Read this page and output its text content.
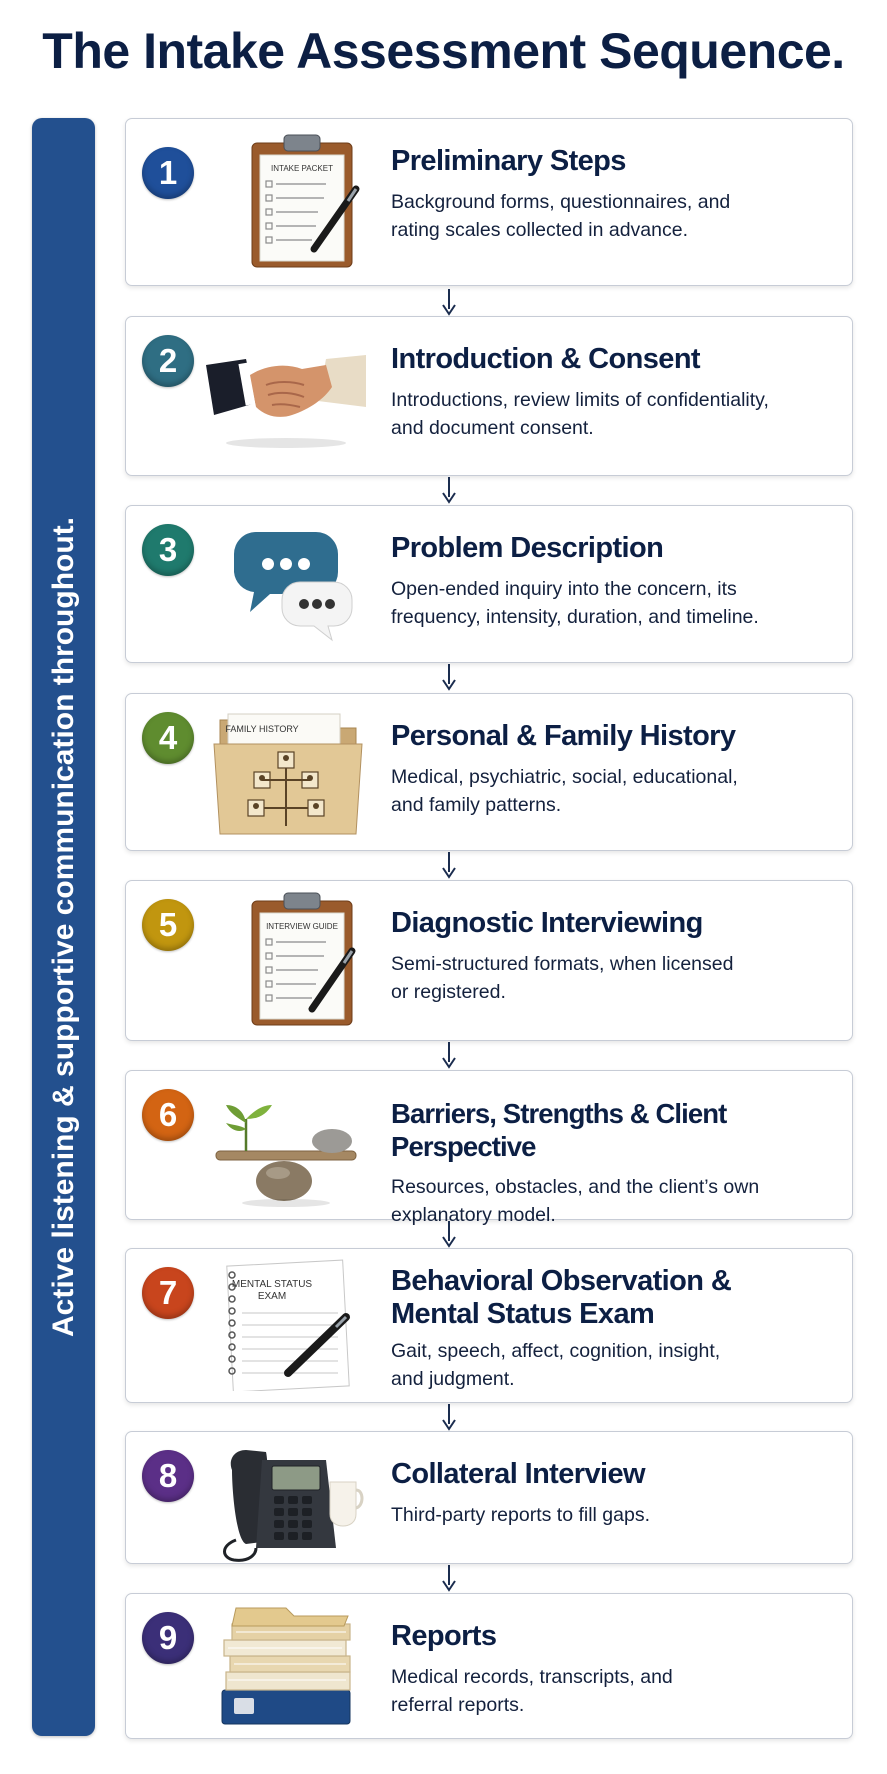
The Intake Assessment Sequence.
Active listening & supportive communication throughout.
1	INTAKE PACKET Preliminary Steps
Background forms, questionnaires, and
rating scales collected in advance.
2	Introduction & Consent
Introductions, review limits of confidentiality,
and document consent.
3	Problem Description
Open-ended inquiry into the concern, its
frequency, intensity, duration, and timeline.
4	FAMILY HISTORY	Personal & Family History
Medical, psychiatric, social, educational,
and family patterns.
5	INTERVIEW GUIDE Diagnostic Interviewing
Semi-structured formats, when licensed
or registered.
6	Barriers, Strengths & Client Perspective
Resources, obstacles, and the client’s own
explanatory model.
7	MENTAL STATUS
EXAM	Behavioral Observation &
Mental Status Exam
Gait, speech, affect, cognition, insight,
and judgment.
8	Collateral Interview
Third-party reports to fill gaps.
9	Reports
Medical records, transcripts, and
referral reports.
